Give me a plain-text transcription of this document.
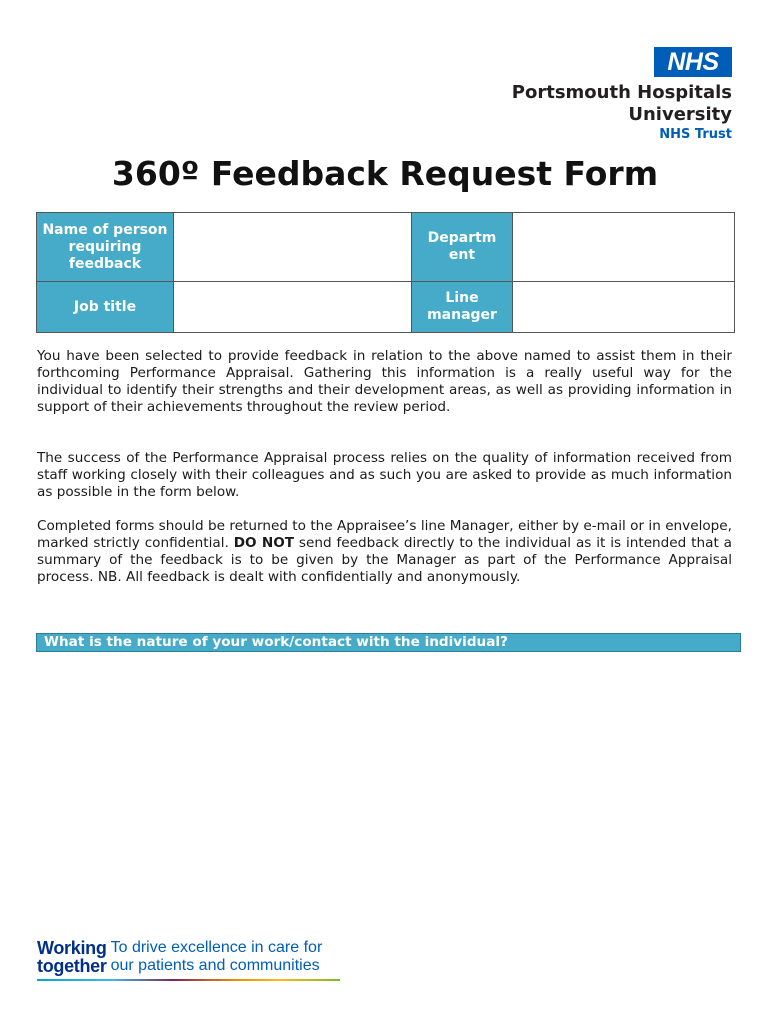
NHS
Portsmouth Hospitals
University
NHS Trust
360º Feedback Request Form
Name of person requiring feedback		Departm ent	
Job title		Line manager	

You have been selected to provide feedback in relation to the above named to assist them in their forthcoming Performance Appraisal. Gathering this information is a really useful way for the individual to identify their strengths and their development areas, as well as providing information in support of their achievements throughout the review period.

The success of the Performance Appraisal process relies on the quality of information received from staff working closely with their colleagues and as such you are asked to provide as much information as possible in the form below.

Completed forms should be returned to the Appraisee’s line Manager, either by e-mail or in envelope, marked strictly confidential. DO NOT send feedback directly to the individual as it is intended that a summary of the feedback is to be given by the Manager as part of the Performance Appraisal process. NB. All feedback is dealt with confidentially and anonymously.

What is the nature of your work/contact with the individual?
Working
together
To drive excellence in care for
our patients and communities
